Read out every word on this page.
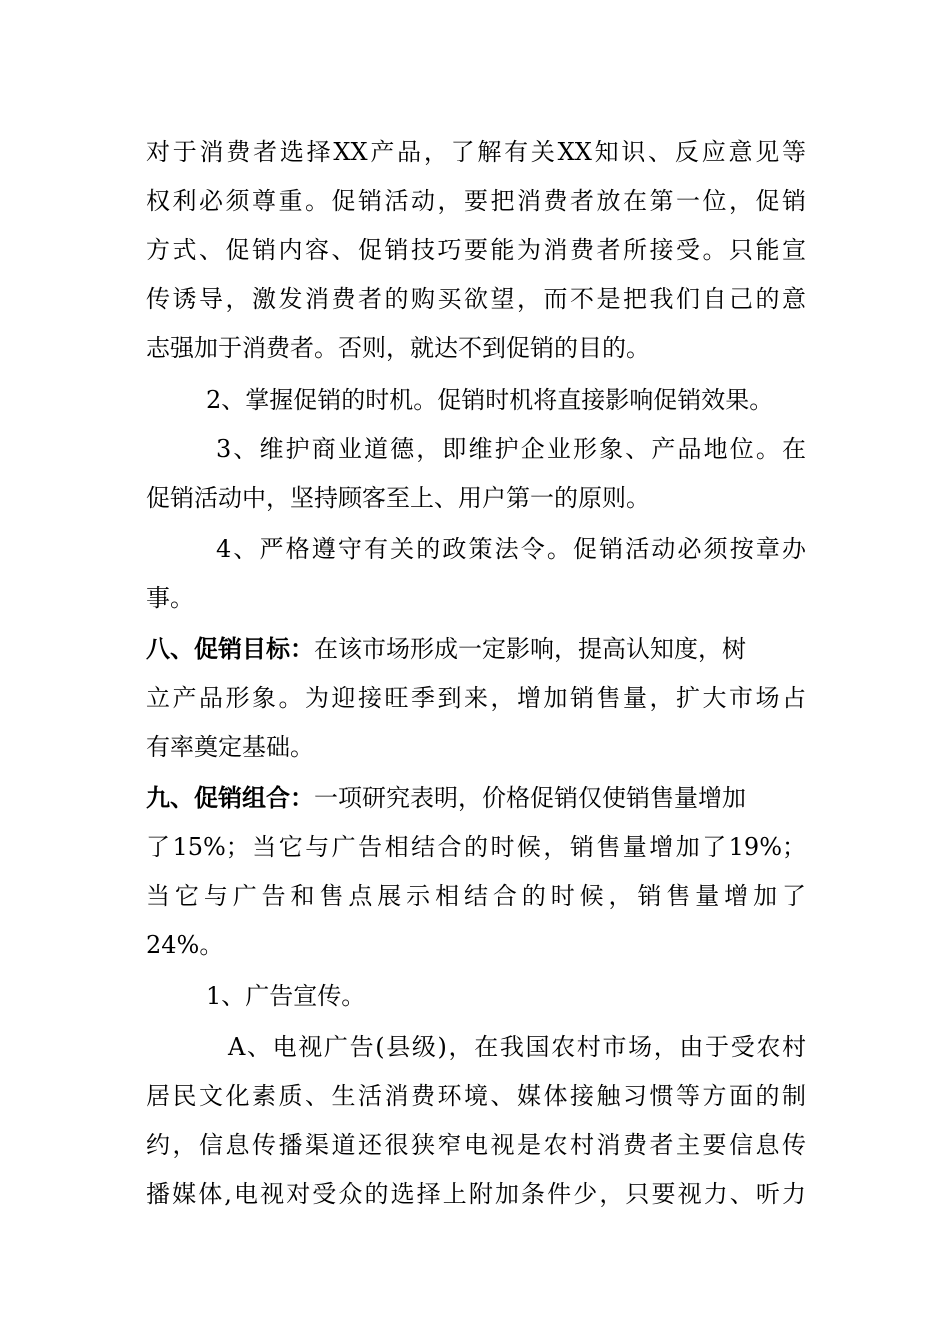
对于消费者选择XX产品，了解有关XX知识、反应意见等
权利必须尊重。促销活动，要把消费者放在第一位，促销
方式、促销内容、促销技巧要能为消费者所接受。只能宣
传诱导，激发消费者的购买欲望，而不是把我们自己的意
志强加于消费者。否则，就达不到促销的目的。
2、掌握促销的时机。促销时机将直接影响促销效果。
3、维护商业道德，即维护企业形象、产品地位。在
促销活动中，坚持顾客至上、用户第一的原则。
4、严格遵守有关的政策法令。促销活动必须按章办
事。
八、促销目标：在该市场形成一定影响，提高认知度，树
立产品形象。为迎接旺季到来，增加销售量，扩大市场占
有率奠定基础。
九、促销组合：一项研究表明，价格促销仅使销售量增加
了15%；当它与广告相结合的时候，销售量增加了19%；
当它与广告和售点展示相结合的时候，销售量增加了
24%。
1、广告宣传。
A、电视广告(县级)，在我国农村市场，由于受农村
居民文化素质、生活消费环境、媒体接触习惯等方面的制
约，信息传播渠道还很狭窄电视是农村消费者主要信息传
播媒体,电视对受众的选择上附加条件少，只要视力、听力
